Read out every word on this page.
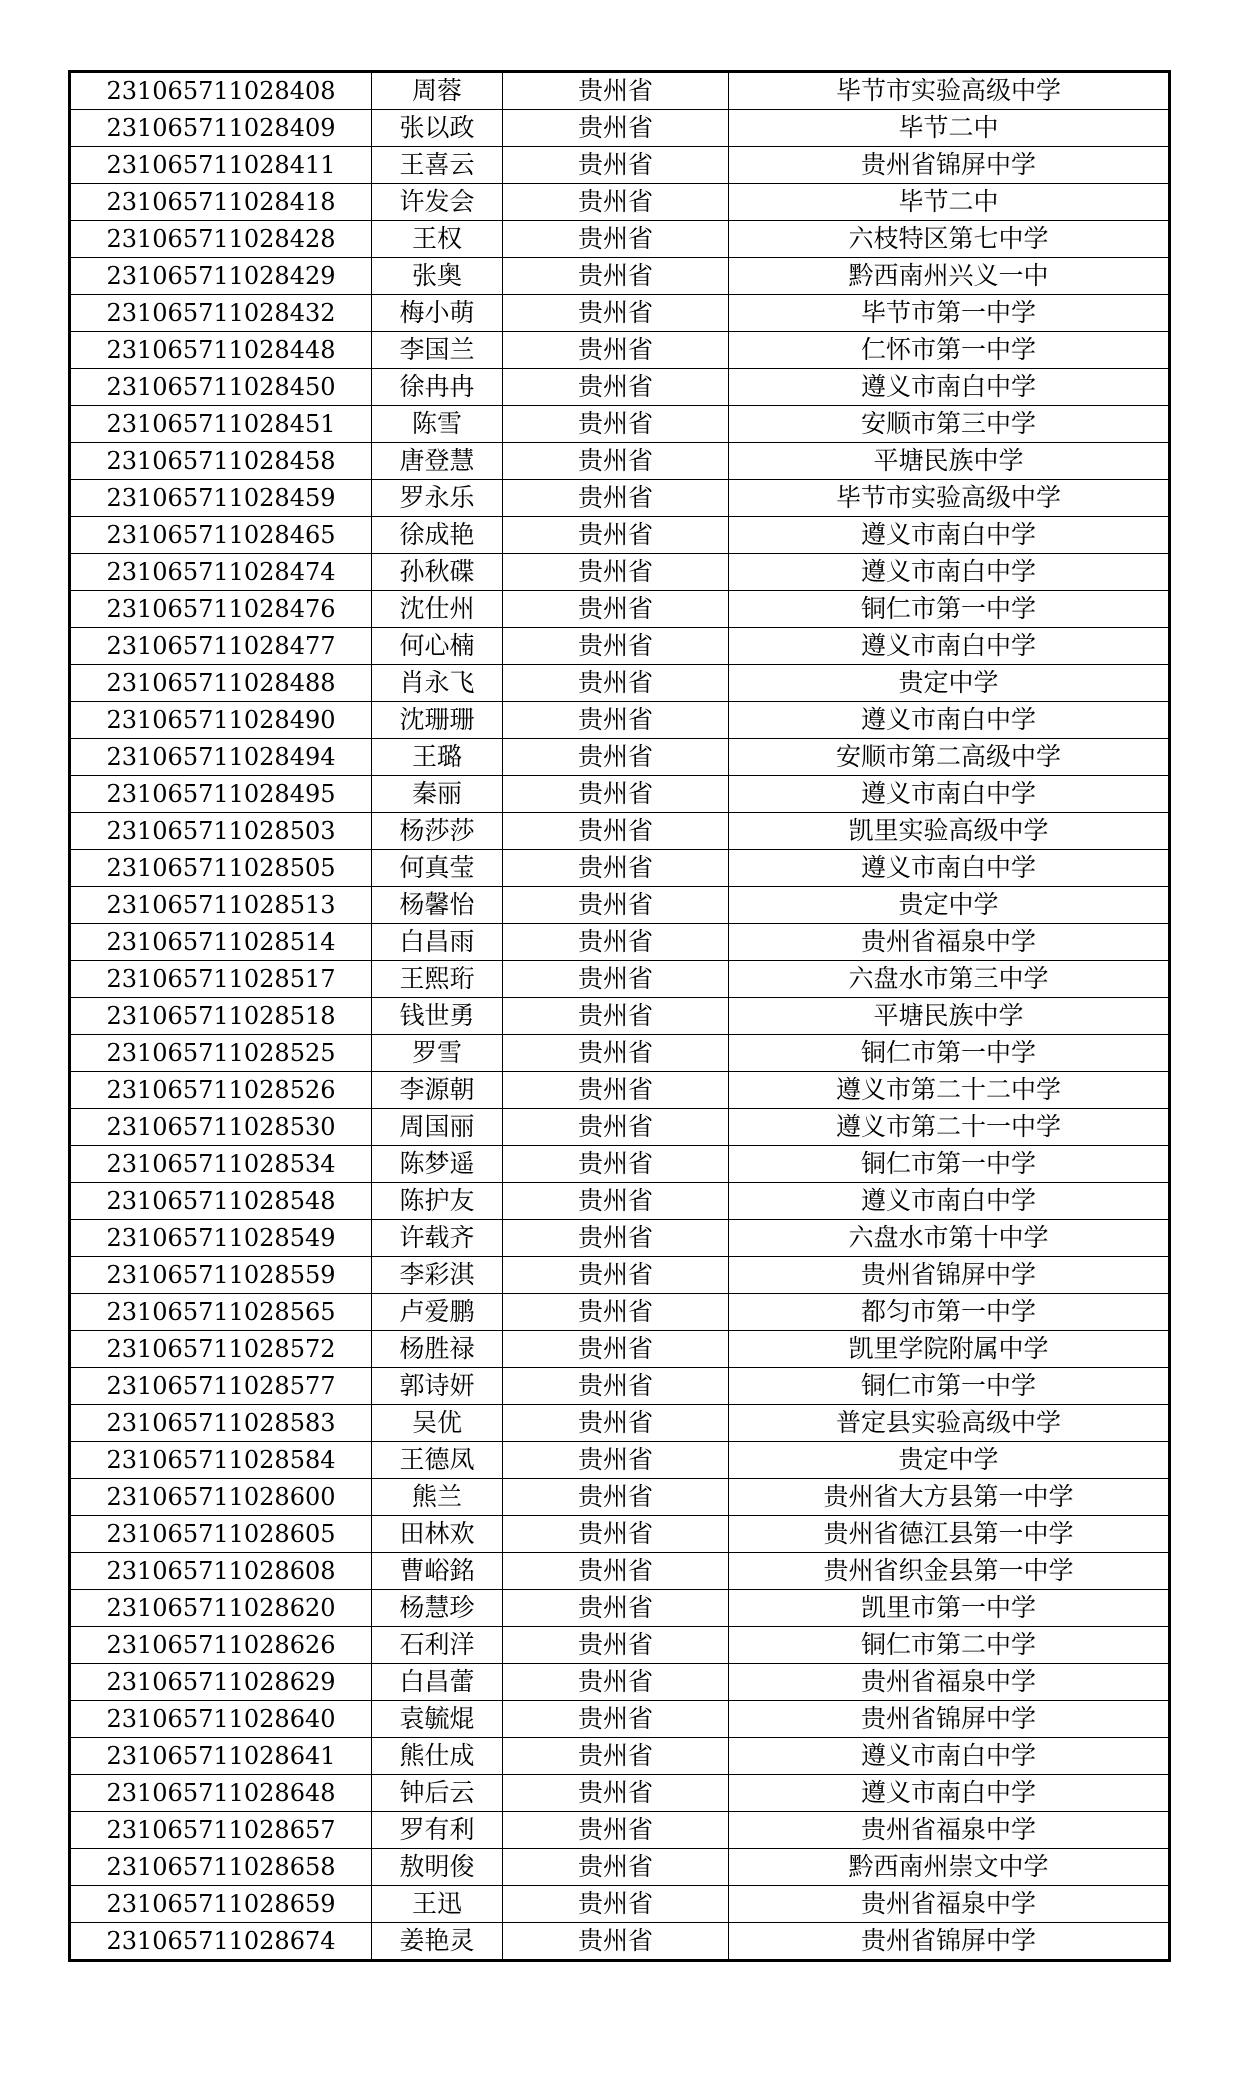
231065711028408	周蓉	贵州省	毕节市实验高级中学
231065711028409	张以政	贵州省	毕节二中
231065711028411	王喜云	贵州省	贵州省锦屏中学
231065711028418	许发会	贵州省	毕节二中
231065711028428	王权	贵州省	六枝特区第七中学
231065711028429	张奥	贵州省	黔西南州兴义一中
231065711028432	梅小萌	贵州省	毕节市第一中学
231065711028448	李国兰	贵州省	仁怀市第一中学
231065711028450	徐冉冉	贵州省	遵义市南白中学
231065711028451	陈雪	贵州省	安顺市第三中学
231065711028458	唐登慧	贵州省	平塘民族中学
231065711028459	罗永乐	贵州省	毕节市实验高级中学
231065711028465	徐成艳	贵州省	遵义市南白中学
231065711028474	孙秋碟	贵州省	遵义市南白中学
231065711028476	沈仕州	贵州省	铜仁市第一中学
231065711028477	何心楠	贵州省	遵义市南白中学
231065711028488	肖永飞	贵州省	贵定中学
231065711028490	沈珊珊	贵州省	遵义市南白中学
231065711028494	王璐	贵州省	安顺市第二高级中学
231065711028495	秦丽	贵州省	遵义市南白中学
231065711028503	杨莎莎	贵州省	凯里实验高级中学
231065711028505	何真莹	贵州省	遵义市南白中学
231065711028513	杨馨怡	贵州省	贵定中学
231065711028514	白昌雨	贵州省	贵州省福泉中学
231065711028517	王熙珩	贵州省	六盘水市第三中学
231065711028518	钱世勇	贵州省	平塘民族中学
231065711028525	罗雪	贵州省	铜仁市第一中学
231065711028526	李源朝	贵州省	遵义市第二十二中学
231065711028530	周国丽	贵州省	遵义市第二十一中学
231065711028534	陈梦遥	贵州省	铜仁市第一中学
231065711028548	陈护友	贵州省	遵义市南白中学
231065711028549	许载齐	贵州省	六盘水市第十中学
231065711028559	李彩淇	贵州省	贵州省锦屏中学
231065711028565	卢爱鹏	贵州省	都匀市第一中学
231065711028572	杨胜禄	贵州省	凯里学院附属中学
231065711028577	郭诗妍	贵州省	铜仁市第一中学
231065711028583	吴优	贵州省	普定县实验高级中学
231065711028584	王德凤	贵州省	贵定中学
231065711028600	熊兰	贵州省	贵州省大方县第一中学
231065711028605	田林欢	贵州省	贵州省德江县第一中学
231065711028608	曹峪銘	贵州省	贵州省织金县第一中学
231065711028620	杨慧珍	贵州省	凯里市第一中学
231065711028626	石利洋	贵州省	铜仁市第二中学
231065711028629	白昌蕾	贵州省	贵州省福泉中学
231065711028640	袁毓焜	贵州省	贵州省锦屏中学
231065711028641	熊仕成	贵州省	遵义市南白中学
231065711028648	钟后云	贵州省	遵义市南白中学
231065711028657	罗有利	贵州省	贵州省福泉中学
231065711028658	敖明俊	贵州省	黔西南州崇文中学
231065711028659	王迅	贵州省	贵州省福泉中学
231065711028674	姜艳灵	贵州省	贵州省锦屏中学
